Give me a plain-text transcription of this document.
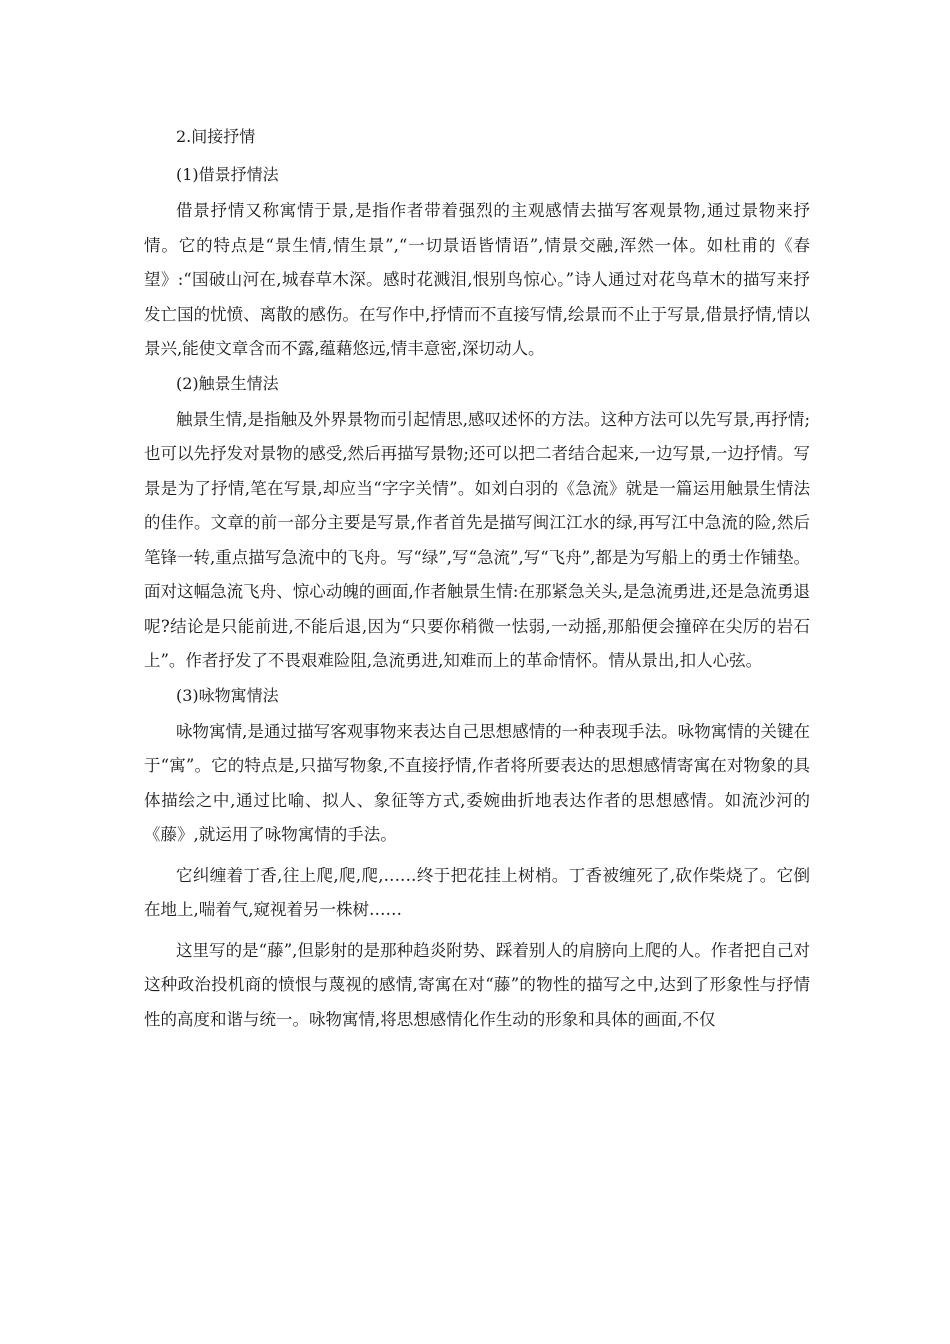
2.间接抒情
(1)借景抒情法

借景抒情又称寓情于景,是指作者带着强烈的主观感情去描写客观景物,通过景物来抒情。它的特点是“景生情,情生景”,“一切景语皆情语”,情景交融,浑然一体。如杜甫的《春望》:“国破山河在,城春草木深。感时花溅泪,恨别鸟惊心。”诗人通过对花鸟草木的描写来抒发亡国的忧愤、离散的感伤。在写作中,抒情而不直接写情,绘景而不止于写景,借景抒情,情以景兴,能使文章含而不露,蕴藉悠远,情丰意密,深切动人。

(2)触景生情法

触景生情,是指触及外界景物而引起情思,感叹述怀的方法。这种方法可以先写景,再抒情;也可以先抒发对景物的感受,然后再描写景物;还可以把二者结合起来,一边写景,一边抒情。写景是为了抒情,笔在写景,却应当“字字关情”。如刘白羽的《急流》就是一篇运用触景生情法的佳作。文章的前一部分主要是写景,作者首先是描写闽江江水的绿,再写江中急流的险,然后笔锋一转,重点描写急流中的飞舟。写“绿”,写“急流”,写“飞舟”,都是为写船上的勇士作铺垫。面对这幅急流飞舟、惊心动魄的画面,作者触景生情:在那紧急关头,是急流勇进,还是急流勇退呢?结论是只能前进,不能后退,因为“只要你稍微一怯弱,一动摇,那船便会撞碎在尖厉的岩石上”。作者抒发了不畏艰难险阻,急流勇进,知难而上的革命情怀。情从景出,扣人心弦。

(3)咏物寓情法

咏物寓情,是通过描写客观事物来表达自己思想感情的一种表现手法。咏物寓情的关键在于“寓”。它的特点是,只描写物象,不直接抒情,作者将所要表达的思想感情寄寓在对物象的具体描绘之中,通过比喻、拟人、象征等方式,委婉曲折地表达作者的思想感情。如流沙河的《藤》,就运用了咏物寓情的手法。

它纠缠着丁香,往上爬,爬,爬,……终于把花挂上树梢。丁香被缠死了,砍作柴烧了。它倒在地上,喘着气,窥视着另一株树……

这里写的是“藤”,但影射的是那种趋炎附势、踩着别人的肩膀向上爬的人。作者把自己对这种政治投机商的愤恨与蔑视的感情,寄寓在对“藤”的物性的描写之中,达到了形象性与抒情性的高度和谐与统一。咏物寓情,将思想感情化作生动的形象和具体的画面,不仅
